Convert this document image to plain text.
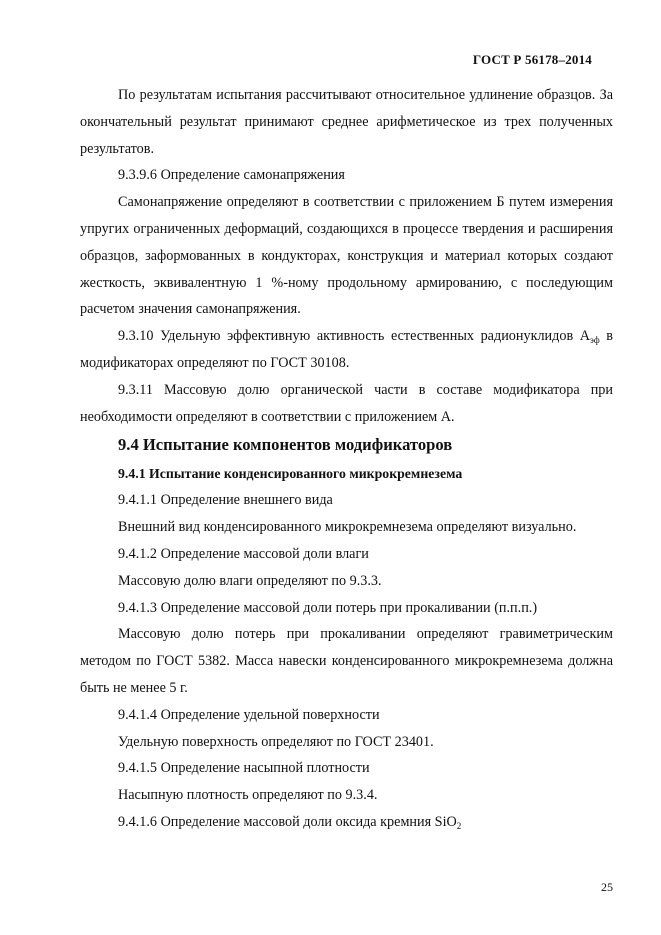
ГОСТ Р 56178–2014

По результатам испытания рассчитывают относительное удлинение образцов. За окончательный результат принимают среднее арифметическое из трех полученных результатов.

9.3.9.6 Определение самонапряжения

Самонапряжение определяют в соответствии с приложением Б путем измерения упругих ограниченных деформаций, создающихся в процессе твердения и расширения образцов, заформованных в кондукторах, конструкция и материал которых создают жесткость, эквивалентную 1 %-ному продольному армированию, с последующим расчетом значения самонапряжения.

9.3.10 Удельную эффективную активность естественных радионуклидов $А_{эф}$ в модификаторах определяют по ГОСТ 30108.

9.3.11 Массовую долю органической части в составе модификатора при необходимости определяют в соответствии с приложением А.

9.4 Испытание компонентов модификаторов

9.4.1 Испытание конденсированного микрокремнезема

9.4.1.1 Определение внешнего вида

Внешний вид конденсированного микрокремнезема определяют визуально.

9.4.1.2 Определение массовой доли влаги

Массовую долю влаги определяют по 9.3.3.

9.4.1.3 Определение массовой доли потерь при прокаливании (п.п.п.)

Массовую долю потерь при прокаливании определяют гравиметрическим методом по ГОСТ 5382. Масса навески конденсированного микрокремнезема должна быть не менее 5 г.

9.4.1.4 Определение удельной поверхности

Удельную поверхность определяют по ГОСТ 23401.

9.4.1.5 Определение насыпной плотности

Насыпную плотность определяют по 9.3.4.

9.4.1.6 Определение массовой доли оксида кремния SiO$_2$

25
